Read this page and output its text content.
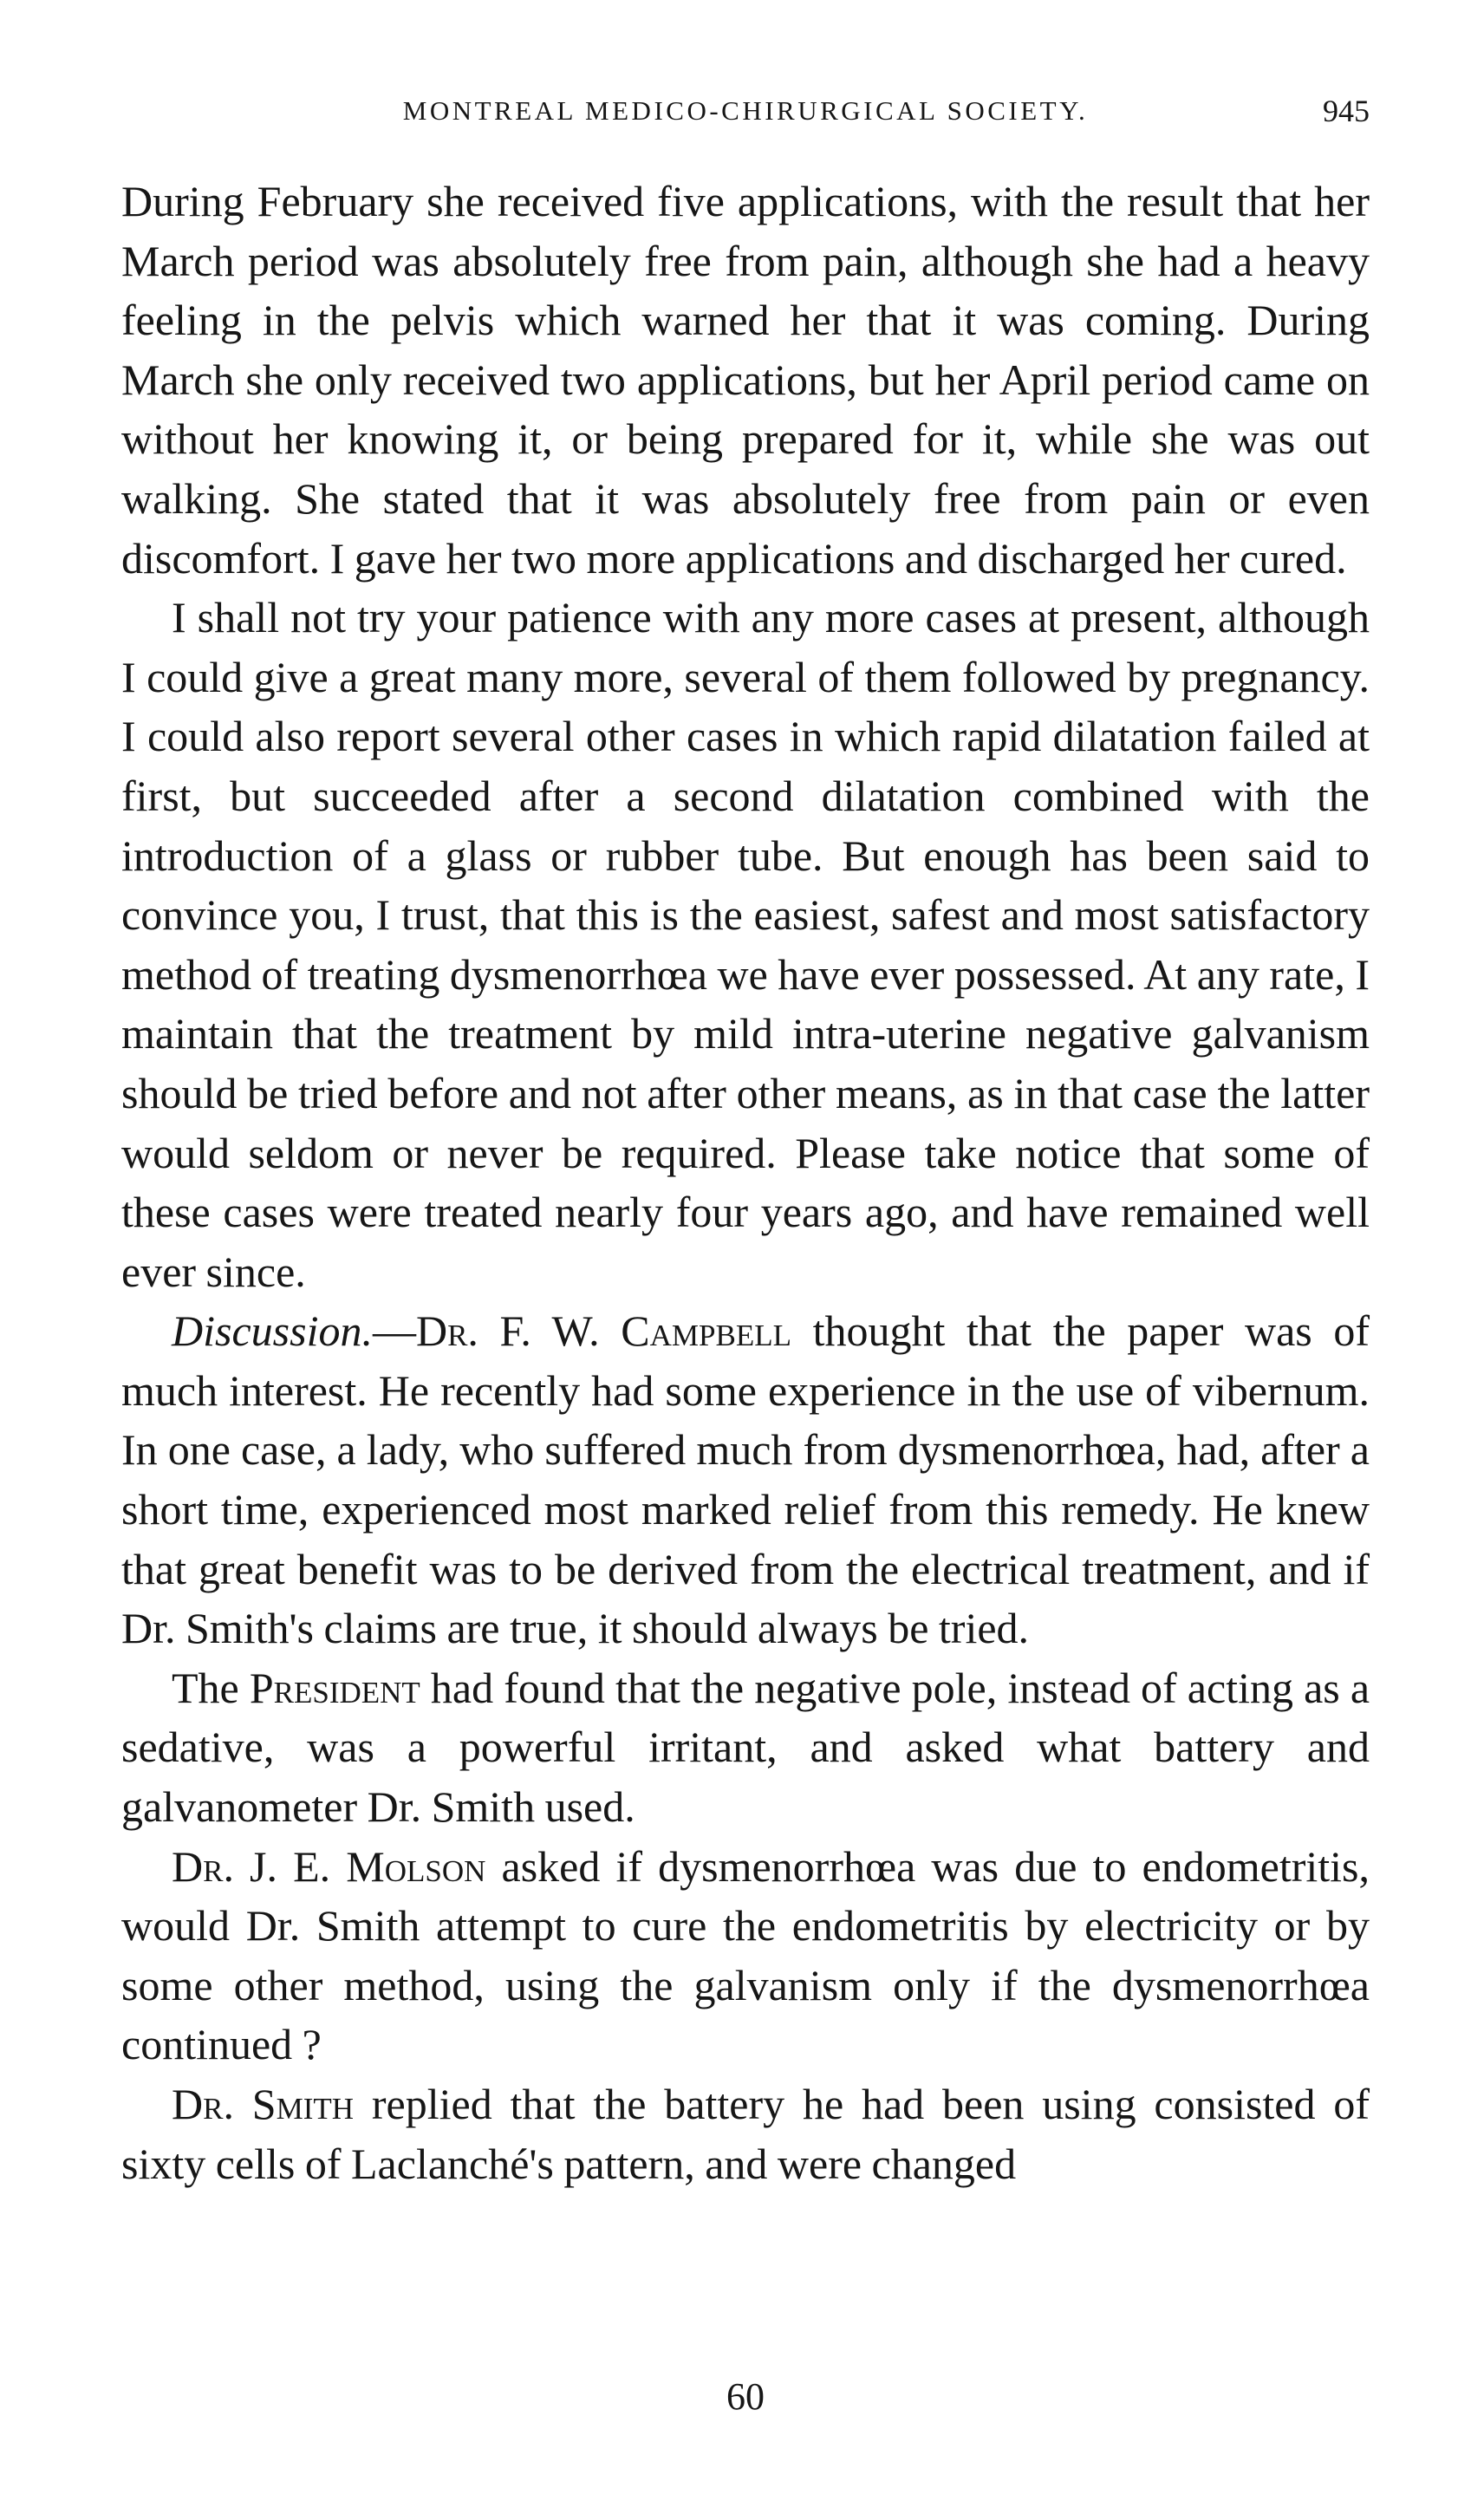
MONTREAL MEDICO-CHIRURGICAL SOCIETY.	945

During February she received five applications, with the result that her March period was absolutely free from pain, although she had a heavy feeling in the pelvis which warned her that it was coming. During March she only received two applications, but her April period came on without her knowing it, or being prepared for it, while she was out walking. She stated that it was absolutely free from pain or even discomfort. I gave her two more applications and discharged her cured.

I shall not try your patience with any more cases at present, although I could give a great many more, several of them followed by pregnancy. I could also report several other cases in which rapid dilatation failed at first, but succeeded after a second dilatation combined with the introduction of a glass or rubber tube. But enough has been said to convince you, I trust, that this is the easiest, safest and most satisfactory method of treating dysmenorrhœa we have ever possessed. At any rate, I maintain that the treatment by mild intra-uterine negative galvanism should be tried before and not after other means, as in that case the latter would seldom or never be required. Please take notice that some of these cases were treated nearly four years ago, and have remained well ever since.

Discussion.—Dr. F. W. Campbell thought that the paper was of much interest. He recently had some experience in the use of vibernum. In one case, a lady, who suffered much from dysmenorrhœa, had, after a short time, experienced most marked relief from this remedy. He knew that great benefit was to be derived from the electrical treatment, and if Dr. Smith's claims are true, it should always be tried.

The President had found that the negative pole, instead of acting as a sedative, was a powerful irritant, and asked what battery and galvanometer Dr. Smith used.

Dr. J. E. Molson asked if dysmenorrhœa was due to endometritis, would Dr. Smith attempt to cure the endometritis by electricity or by some other method, using the galvanism only if the dysmenorrhœa continued ?

Dr. Smith replied that the battery he had been using consisted of sixty cells of Laclanché's pattern, and were changed

60
